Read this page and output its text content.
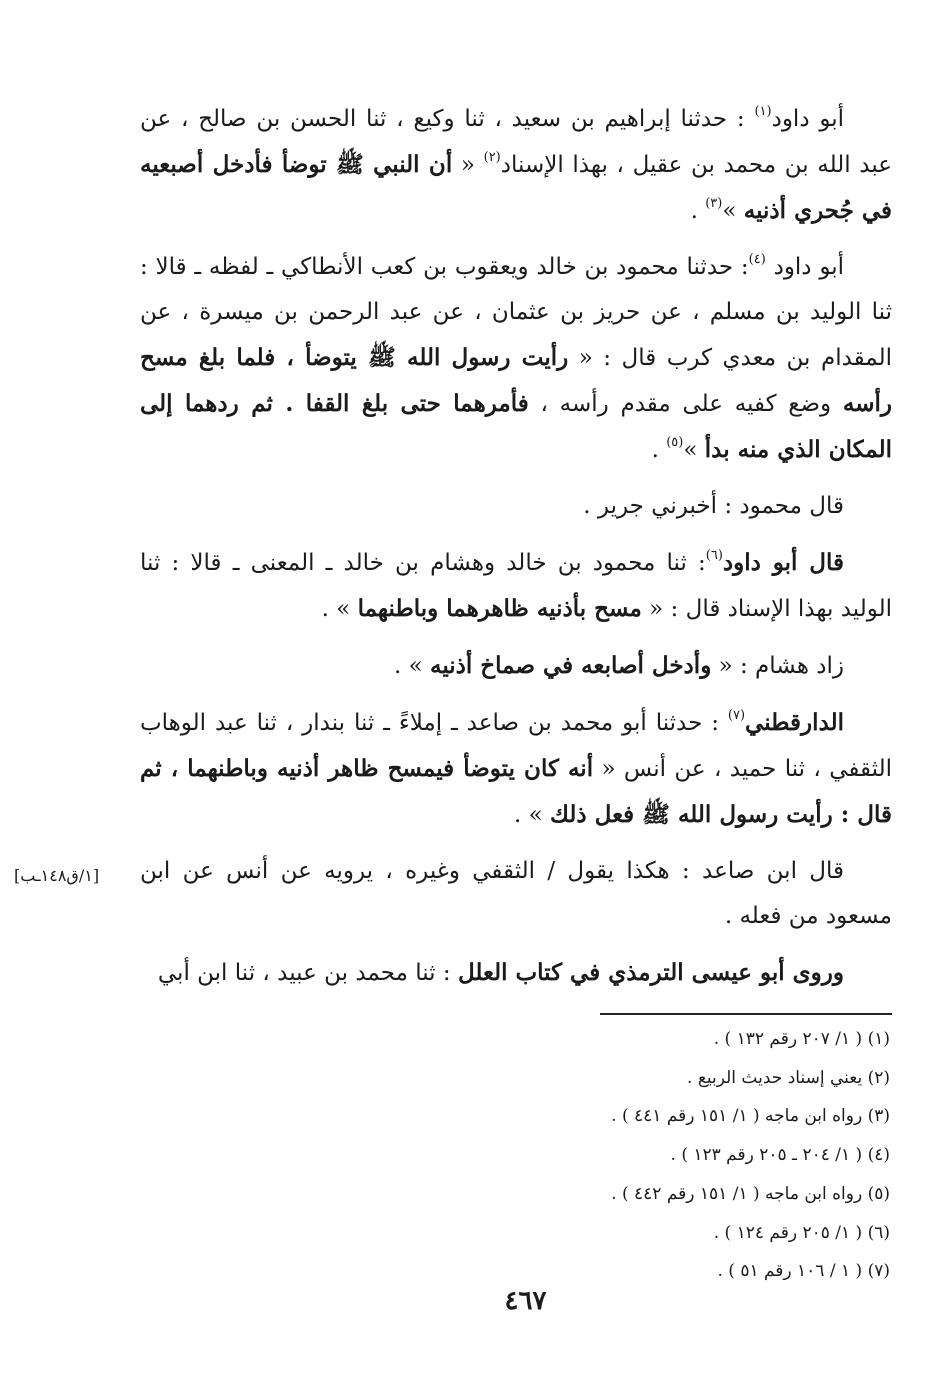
أبو داود$^{(١)}$ : حدثنا إبراهيم بن سعيد ، ثنا وكيع ، ثنا الحسن بن صالح ، عن عبد الله بن محمد بن عقيل ، بهذا الإسناد$^{(٢)}$ « أن النبي ﷺ توضأ فأدخل أصبعيه في جُحري أذنيه »$^{(٣)}$ .

أبو داود $^{(٤)}$: حدثنا محمود بن خالد ويعقوب بن كعب الأنطاكي ـ لفظه ـ قالا : ثنا الوليد بن مسلم ، عن حريز بن عثمان ، عن عبد الرحمن بن ميسرة ، عن المقدام بن معدي كرب قال : « رأيت رسول الله ﷺ يتوضأ ، فلما بلغ مسح رأسه وضع كفيه على مقدم رأسه ، فأمرهما حتى بلغ القفا . ثم ردهما إلى المكان الذي منه بدأ »$^{(٥)}$ .

قال محمود : أخبرني جرير .

قال أبو داود$^{(٦)}$: ثنا محمود بن خالد وهشام بن خالد ـ المعنى ـ قالا : ثنا الوليد بهذا الإسناد قال : « مسح بأذنيه ظاهرهما وباطنهما » .

زاد هشام : « وأدخل أصابعه في صماخ أذنيه » .

الدارقطني$^{(٧)}$ : حدثنا أبو محمد بن صاعد ـ إملاءً ـ ثنا بندار ، ثنا عبد الوهاب الثقفي ، ثنا حميد ، عن أنس « أنه كان يتوضأ فيمسح ظاهر أذنيه وباطنهما ، ثم قال : رأيت رسول الله ﷺ فعل ذلك » .

قال ابن صاعد : هكذا يقول / الثقفي وغيره ، يرويه عن أنس عن ابن مسعود من فعله .

وروى أبو عيسى الترمذي في كتاب العلل : ثنا محمد بن عبيد ، ثنا ابن أبي

[١/ق١٤٨ـب]

(١) ( ١/ ٢٠٧ رقم ١٣٢ ) .

(٢) يعني إسناد حديث الربيع .

(٣) رواه ابن ماجه ( ١/ ١٥١ رقم ٤٤١ ) .

(٤) ( ١/ ٢٠٤ ـ ٢٠٥ رقم ١٢٣ ) .

(٥) رواه ابن ماجه ( ١/ ١٥١ رقم ٤٤٢ ) .

(٦) ( ١/ ٢٠٥ رقم ١٢٤ ) .

(٧) ( ١ / ١٠٦ رقم ٥١ ) .

٤٦٧
